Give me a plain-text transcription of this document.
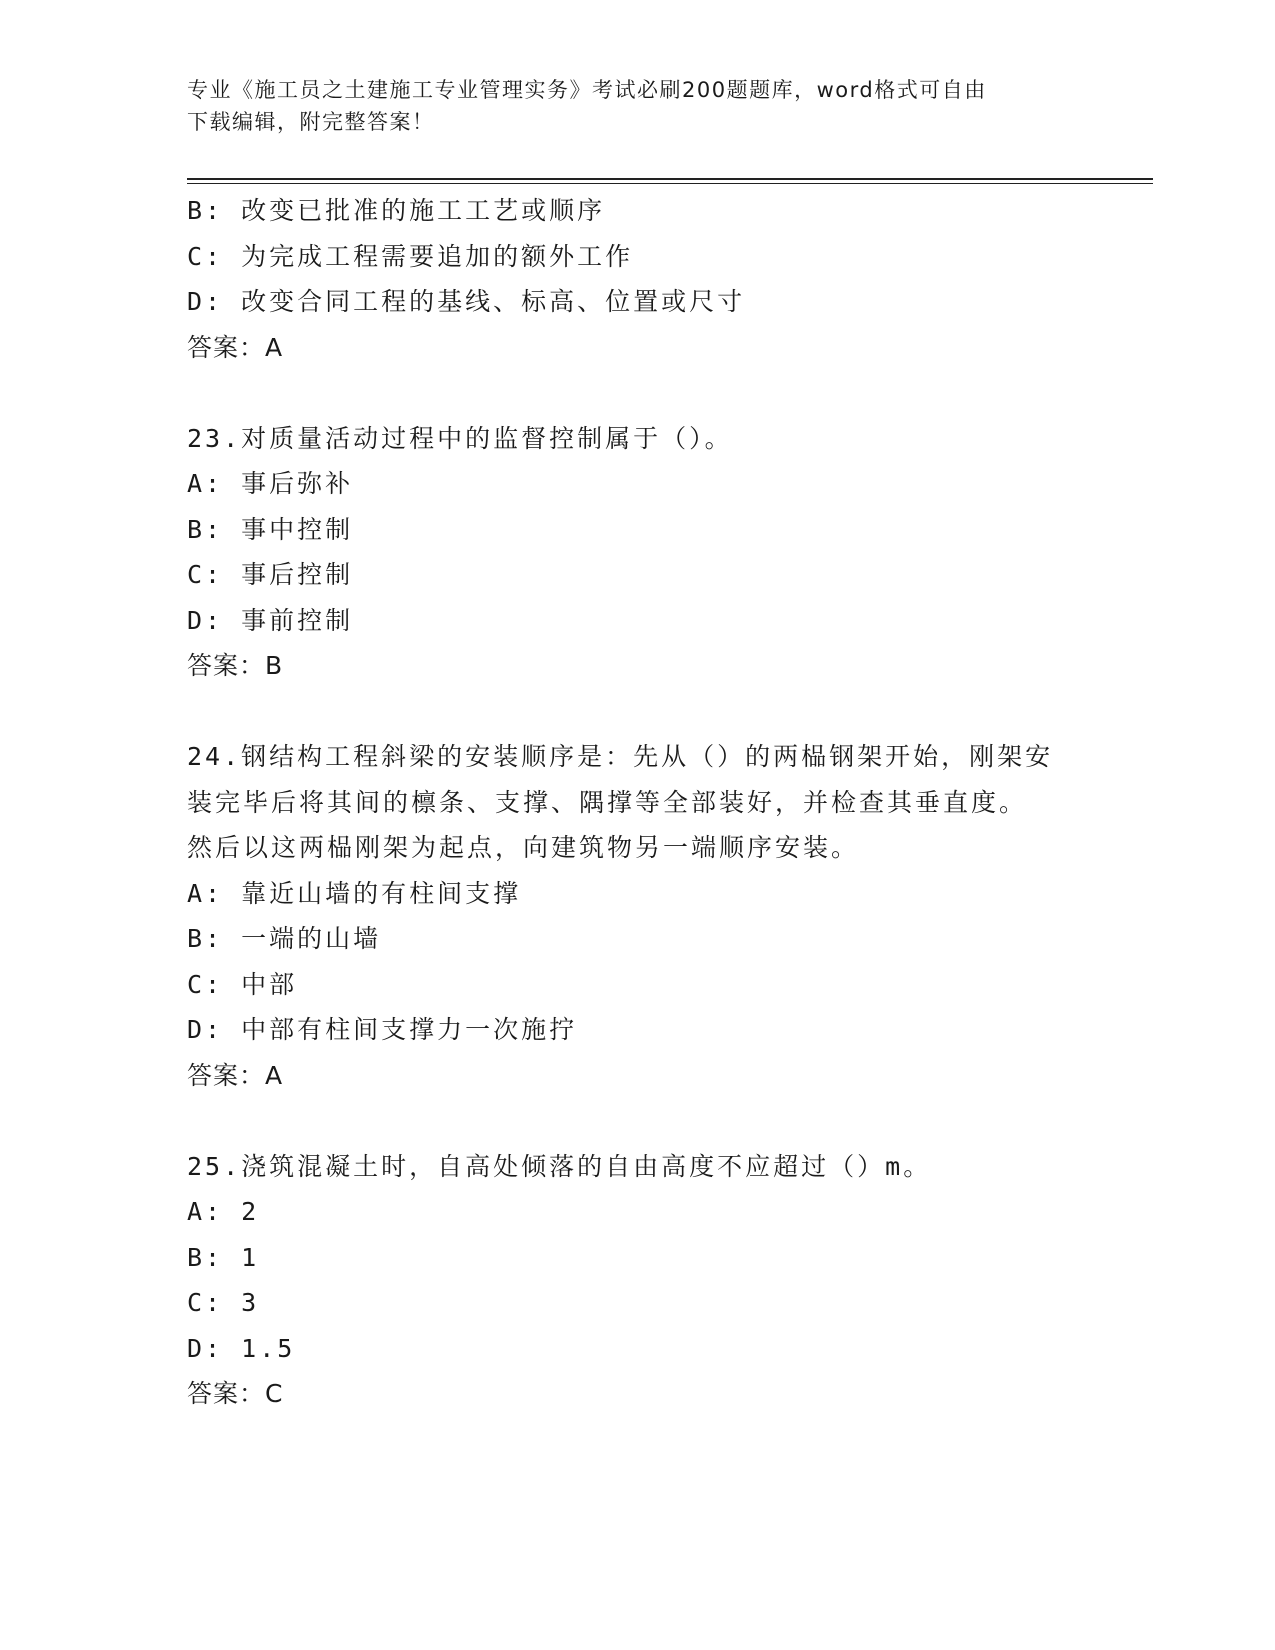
专业《施工员之土建施工专业管理实务》考试必刷200题题库，word格式可自由
下载编辑，附完整答案！
B: 改变已批准的施工工艺或顺序
C: 为完成工程需要追加的额外工作
D: 改变合同工程的基线、标高、位置或尺寸
答案：A
23.对质量活动过程中的监督控制属于（）。
A: 事后弥补
B: 事中控制
C: 事后控制
D: 事前控制
答案：B
24.钢结构工程斜梁的安装顺序是：先从（）的两榀钢架开始，刚架安
装完毕后将其间的檩条、支撑、隅撑等全部装好，并检查其垂直度。
然后以这两榀刚架为起点，向建筑物另一端顺序安装。
A: 靠近山墙的有柱间支撑
B: 一端的山墙
C: 中部
D: 中部有柱间支撑力一次施拧
答案：A
25.浇筑混凝土时，自高处倾落的自由高度不应超过（）m。
A: 2
B: 1
C: 3
D: 1.5
答案：C
